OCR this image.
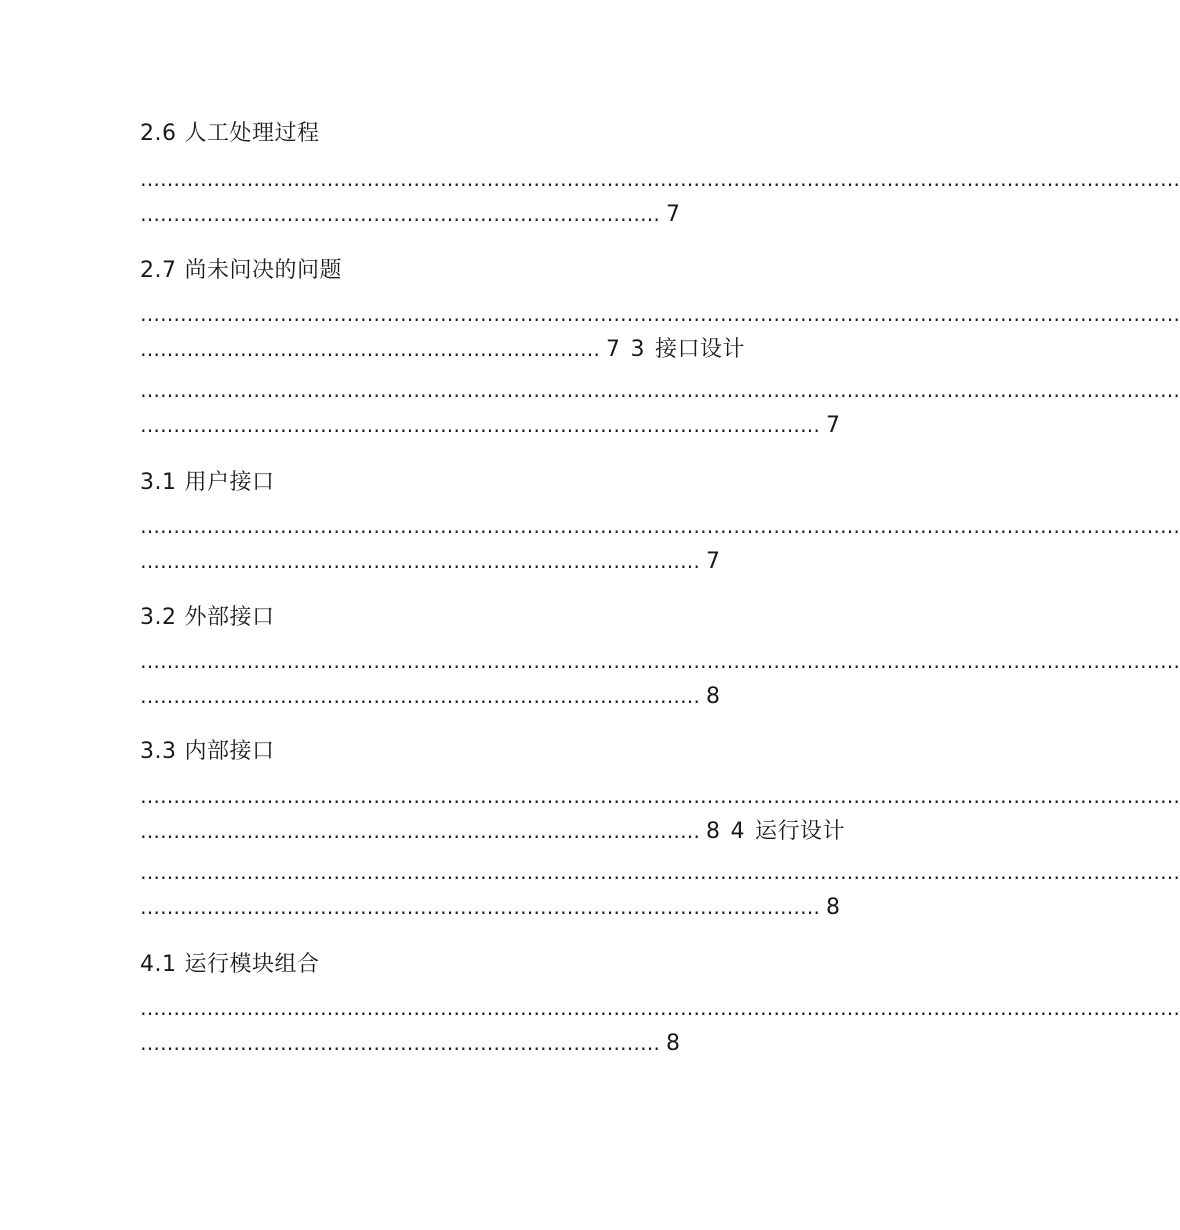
2.6 人工处理过程
…………………………………………………………………………………………………………………………………………
…………………………………………………………………… 7
2.7 尚未问决的问题
…………………………………………………………………………………………………………………………………………
…………………………………………………………… 7 3 接口设计
…………………………………………………………………………………………………………………………………………
………………………………………………………………………………………… 7
3.1 用户接口
…………………………………………………………………………………………………………………………………………
………………………………………………………………………… 7
3.2 外部接口
…………………………………………………………………………………………………………………………………………
………………………………………………………………………… 8
3.3 内部接口
…………………………………………………………………………………………………………………………………………
………………………………………………………………………… 8 4 运行设计
…………………………………………………………………………………………………………………………………………
………………………………………………………………………………………… 8
4.1 运行模块组合
…………………………………………………………………………………………………………………………………………
…………………………………………………………………… 8
